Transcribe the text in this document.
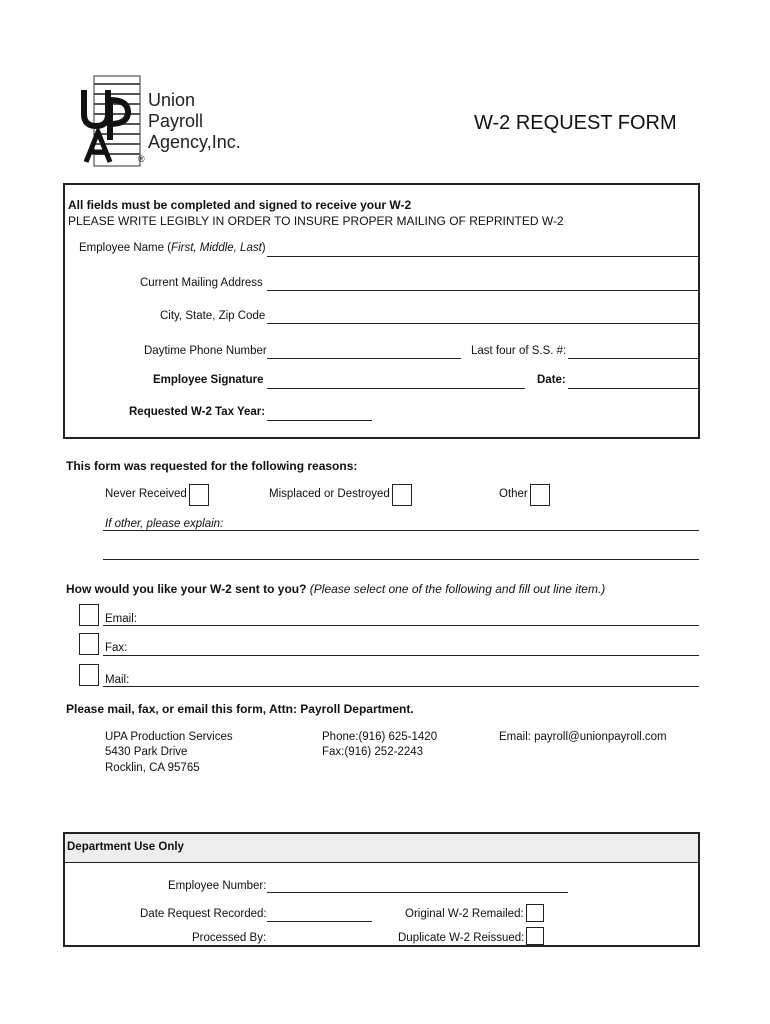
Union
Payroll
Agency,Inc.
®
W-2 REQUEST FORM
All fields must be completed and signed to receive your W-2
PLEASE WRITE LEGIBLY IN ORDER TO INSURE PROPER MAILING OF REPRINTED W-2
Employee Name (First, Middle, Last)
Current Mailing Address
City, State, Zip Code
Daytime Phone Number	Last four of S.S. #:
Employee Signature	Date:
Requested W-2 Tax Year:
This form was requested for the following reasons:
Never Received	Misplaced or Destroyed	Other
If other, please explain:
How would you like your W-2 sent to you? (Please select one of the following and fill out line item.)
Email:
Fax:
Mail:
Please mail, fax, or email this form, Attn: Payroll Department.
UPA Production Services
5430 Park Drive
Rocklin, CA 95765
Phone:(916) 625-1420
Fax:(916) 252-2243
Email: payroll@unionpayroll.com
Department Use Only
Employee Number:
Date Request Recorded:	Original W-2 Remailed:
Processed By:	Duplicate W-2 Reissued:
